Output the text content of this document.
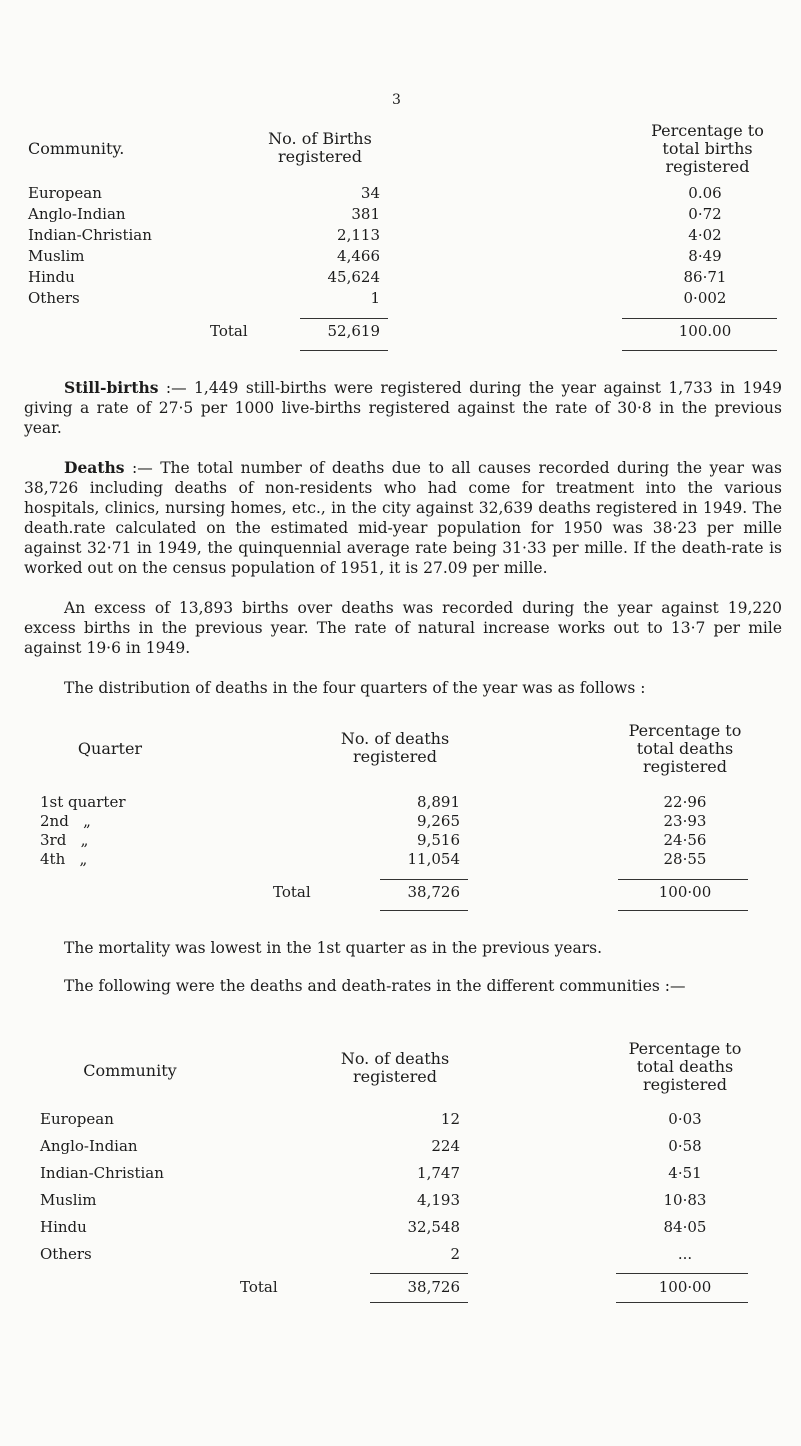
3
Community.
No. of Births
registered
Percentage to
total births
registered
European	34	0.06
Anglo-Indian	381	0·72
Indian-Christian	2,113	4·02
Muslim	4,466	8·49
Hindu	45,624	86·71
Others	1	0·002
Total	52,619	100.00
Still-births :— 1,449 still-births were registered during the year against 1,733 in 1949 giving a rate of 27·5 per 1000 live-births registered against the rate of 30·8 in the previous year.
Deaths :— The total number of deaths due to all causes recorded during the year was 38,726 including deaths of non-residents who had come for treatment into the various hospitals, clinics, nursing homes, etc., in the city against 32,639 deaths registered in 1949. The death.rate calculated on the estimated mid-year population for 1950 was 38·23 per mille against 32·71 in 1949, the quinquennial average rate being 31·33 per mille. If the death-rate is worked out on the census population of 1951, it is 27.09 per mille.
An excess of 13,893 births over deaths was recorded during the year against 19,220 excess births in the previous year. The rate of natural increase works out to 13·7 per mile against 19·6 in 1949.
The distribution of deaths in the four quarters of the year was as follows :
Quarter
No. of deaths
registered
Percentage to
total deaths
registered
1st quarter	8,891	22·96
2nd   „	9,265	23·93
3rd   „	9,516	24·56
4th   „	11,054	28·55
Total	38,726	100·00
The mortality was lowest in the 1st quarter as in the previous years.
The following were the deaths and death-rates in the different communities :—
Community
No. of deaths
registered
Percentage to
total deaths
registered
European	12	0·03
Anglo-Indian	224	0·58
Indian-Christian	1,747	4·51
Muslim	4,193	10·83
Hindu	32,548	84·05
Others	2	...
Total	38,726	100·00
